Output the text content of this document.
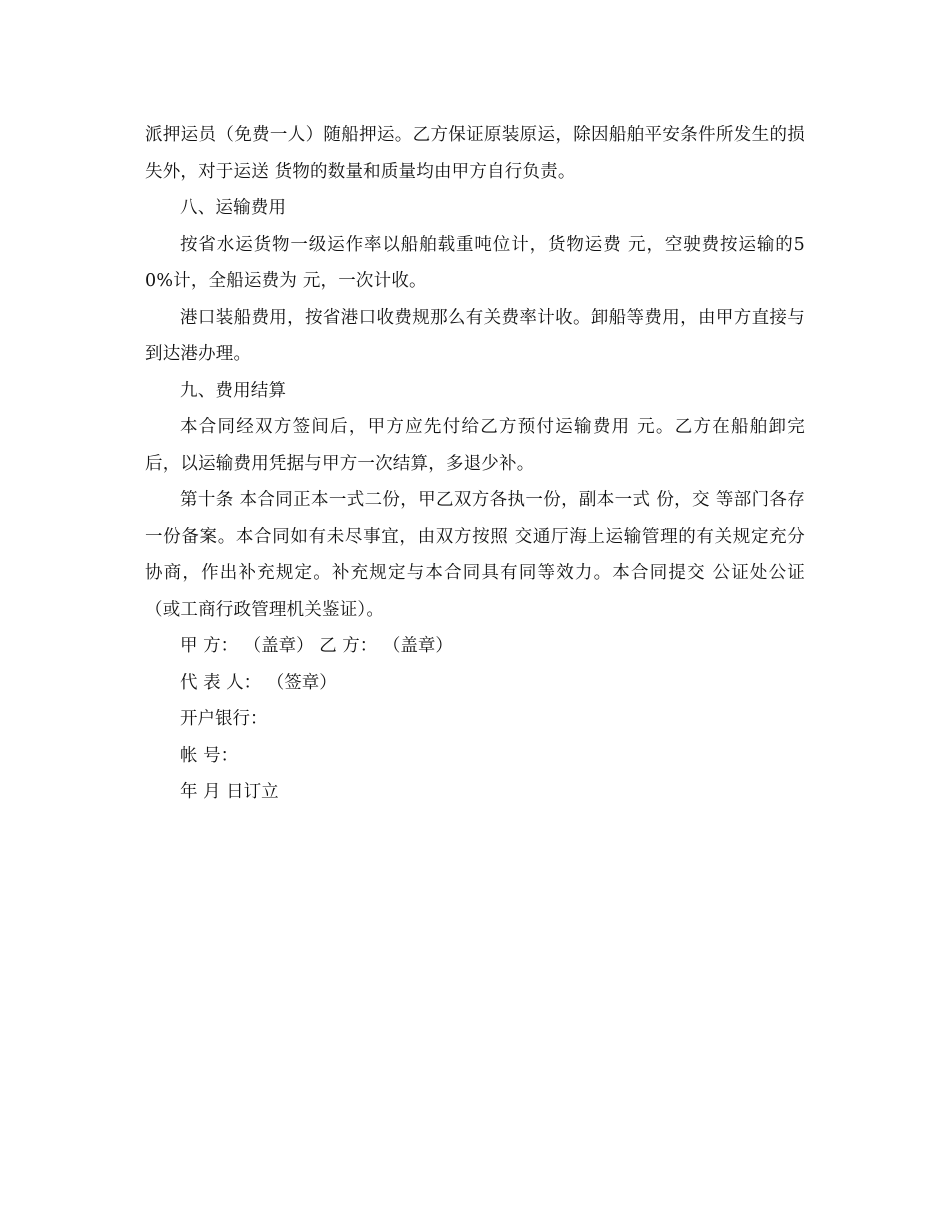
派押运员（免费一人）随船押运。乙方保证原装原运，除因船舶平安条件所发生的损失外，对于运送 货物的数量和质量均由甲方自行负责。

八、运输费用

按省水运货物一级运作率以船舶载重吨位计，货物运费 元，空驶费按运输的50%计，全船运费为 元，一次计收。

港口装船费用，按省港口收费规那么有关费率计收。卸船等费用，由甲方直接与到达港办理。

九、费用结算

本合同经双方签间后，甲方应先付给乙方预付运输费用 元。乙方在船舶卸完后，以运输费用凭据与甲方一次结算，多退少补。

第十条 本合同正本一式二份，甲乙双方各执一份，副本一式 份，交 等部门各存一份备案。本合同如有未尽事宜，由双方按照 交通厅海上运输管理的有关规定充分协商，作出补充规定。补充规定与本合同具有同等效力。本合同提交 公证处公证（或工商行政管理机关鉴证）。

甲 方： （盖章） 乙 方： （盖章）
代 表 人： （签章）
开户银行：
帐 号：
年 月 日订立
